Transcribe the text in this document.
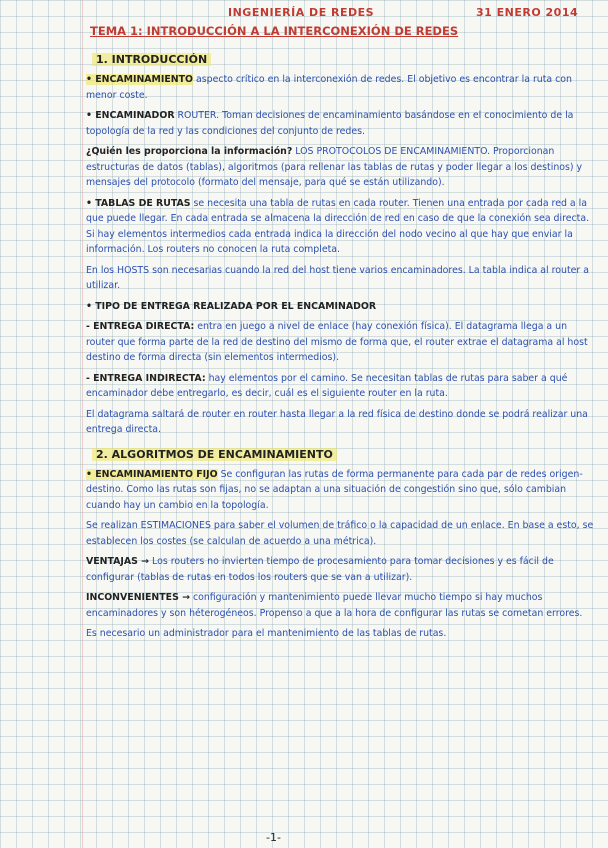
INGENIERÍA DE REDES	31 ENERO 2014
TEMA 1: INTRODUCCIÓN A LA INTERCONEXIÓN DE REDES
1. INTRODUCCIÓN

• ENCAMINAMIENTO aspecto crítico en la interconexión de redes. El objetivo es encontrar la ruta con menor coste.

• ENCAMINADOR ROUTER. Toman decisiones de encaminamiento basándose en el conocimiento de la topología de la red y las condiciones del conjunto de redes.

¿Quién les proporciona la información? LOS PROTOCOLOS DE ENCAMINAMIENTO. Proporcionan estructuras de datos (tablas), algoritmos (para rellenar las tablas de rutas y poder llegar a los destinos) y mensajes del protocolo (formato del mensaje, para qué se están utilizando).

• TABLAS DE RUTAS se necesita una tabla de rutas en cada router. Tienen una entrada por cada red a la que puede llegar. En cada entrada se almacena la dirección de red en caso de que la conexión sea directa. Si hay elementos intermedios cada entrada indica la dirección del nodo vecino al que hay que enviar la información. Los routers no conocen la ruta completa.

En los HOSTS son necesarias cuando la red del host tiene varios encaminadores. La tabla indica al router a utilizar.

• TIPO DE ENTREGA REALIZADA POR EL ENCAMINADOR

- ENTREGA DIRECTA: entra en juego a nivel de enlace (hay conexión física). El datagrama llega a un router que forma parte de la red de destino del mismo de forma que, el router extrae el datagrama al host destino de forma directa (sin elementos intermedios).

- ENTREGA INDIRECTA: hay elementos por el camino. Se necesitan tablas de rutas para saber a qué encaminador debe entregarlo, es decir, cuál es el siguiente router en la ruta.

El datagrama saltará de router en router hasta llegar a la red física de destino donde se podrá realizar una entrega directa.

2. ALGORITMOS DE ENCAMINAMIENTO

• ENCAMINAMIENTO FIJO Se configuran las rutas de forma permanente para cada par de redes origen-destino. Como las rutas son fijas, no se adaptan a una situación de congestión sino que, sólo cambian cuando hay un cambio en la topología.

Se realizan ESTIMACIONES para saber el volumen de tráfico o la capacidad de un enlace. En base a esto, se establecen los costes (se calculan de acuerdo a una métrica).

VENTAJAS → Los routers no invierten tiempo de procesamiento para tomar decisiones y es fácil de configurar (tablas de rutas en todos los routers que se van a utilizar).

INCONVENIENTES → configuración y mantenimiento puede llevar mucho tiempo si hay muchos encaminadores y son héterogéneos. Propenso a que a la hora de configurar las rutas se cometan errores.

Es necesario un administrador para el mantenimiento de las tablas de rutas.

-1-
